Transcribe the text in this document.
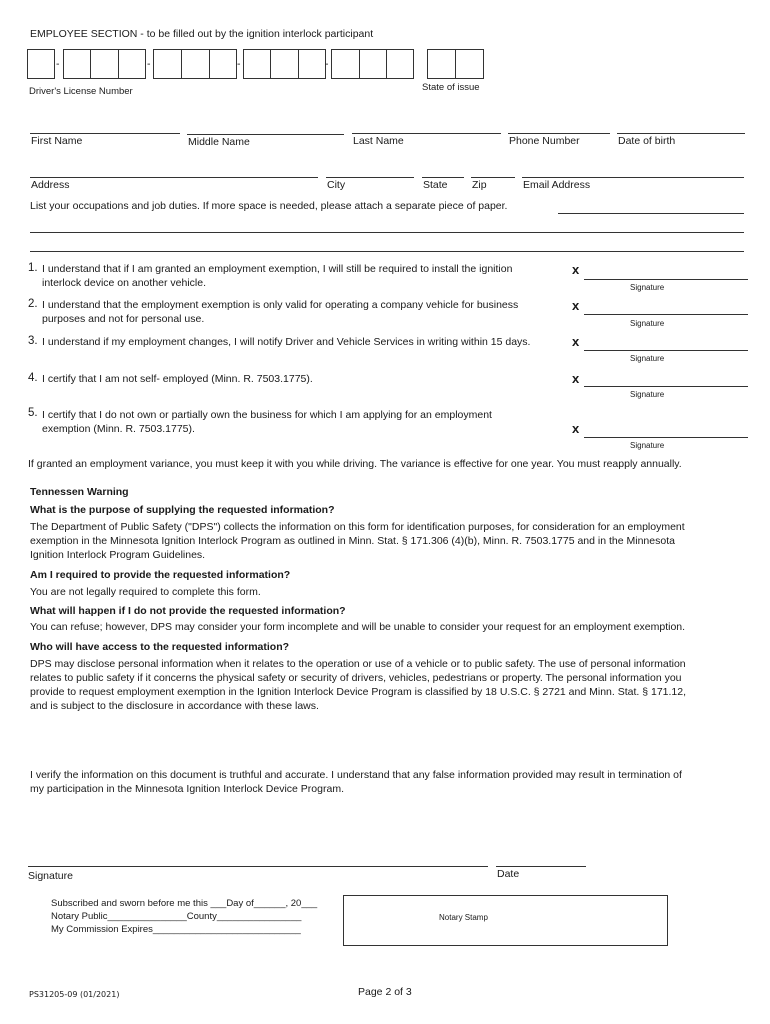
EMPLOYEE SECTION - to be filled out by the ignition interlock participant
-	-	-	-
Driver's License Number	State of issue
First Name	Middle Name	Last Name	Phone Number	Date of birth
Address	City	State Zip	Email Address
List your occupations and job duties. If more space is needed, please attach a separate piece of paper.
1. I understand that if I am granted an employment exemption, I will still be required to install the ignition
interlock device on another vehicle.
x
Signature
2. I understand that the employment exemption is only valid for operating a company vehicle for business
purposes and not for personal use.
x
Signature
3. I understand if my employment changes, I will notify Driver and Vehicle Services in writing within 15 days.	x
Signature
4. I certify that I am not self- employed (Minn. R. 7503.1775).	x
Signature
5. I certify that I do not own or partially own the business for which I am applying for an employment
exemption (Minn. R. 7503.1775).	x
Signature
If granted an employment variance, you must keep it with you while driving. The variance is effective for one year. You must reapply annually.
Tennessen Warning
What is the purpose of supplying the requested information?
The Department of Public Safety ("DPS") collects the information on this form for identification purposes, for consideration for an employment
exemption in the Minnesota Ignition Interlock Program as outlined in Minn. Stat. § 171.306 (4)(b), Minn. R. 7503.1775 and in the Minnesota
Ignition Interlock Program Guidelines.
Am I required to provide the requested information?
You are not legally required to complete this form.
What will happen if I do not provide the requested information?
You can refuse; however, DPS may consider your form incomplete and will be unable to consider your request for an employment exemption.
Who will have access to the requested information?
DPS may disclose personal information when it relates to the operation or use of a vehicle or to public safety. The use of personal information
relates to public safety if it concerns the physical safety or security of drivers, vehicles, pedestrians or property. The personal information you
provide to request employment exemption in the Ignition Interlock Device Program is classified by 18 U.S.C. § 2721 and Minn. Stat. § 171.12,
and is subject to the disclosure in accordance with these laws.
I verify the information on this document is truthful and accurate. I understand that any false information provided may result in termination of
my participation in the Minnesota Ignition Interlock Device Program.
Signature	Date
Subscribed and sworn before me this ___Day of______, 20___
Notary Public_______________County________________
My Commission Expires____________________________
Notary Stamp
PS31205-09 (01/2021)	Page 2 of 3
